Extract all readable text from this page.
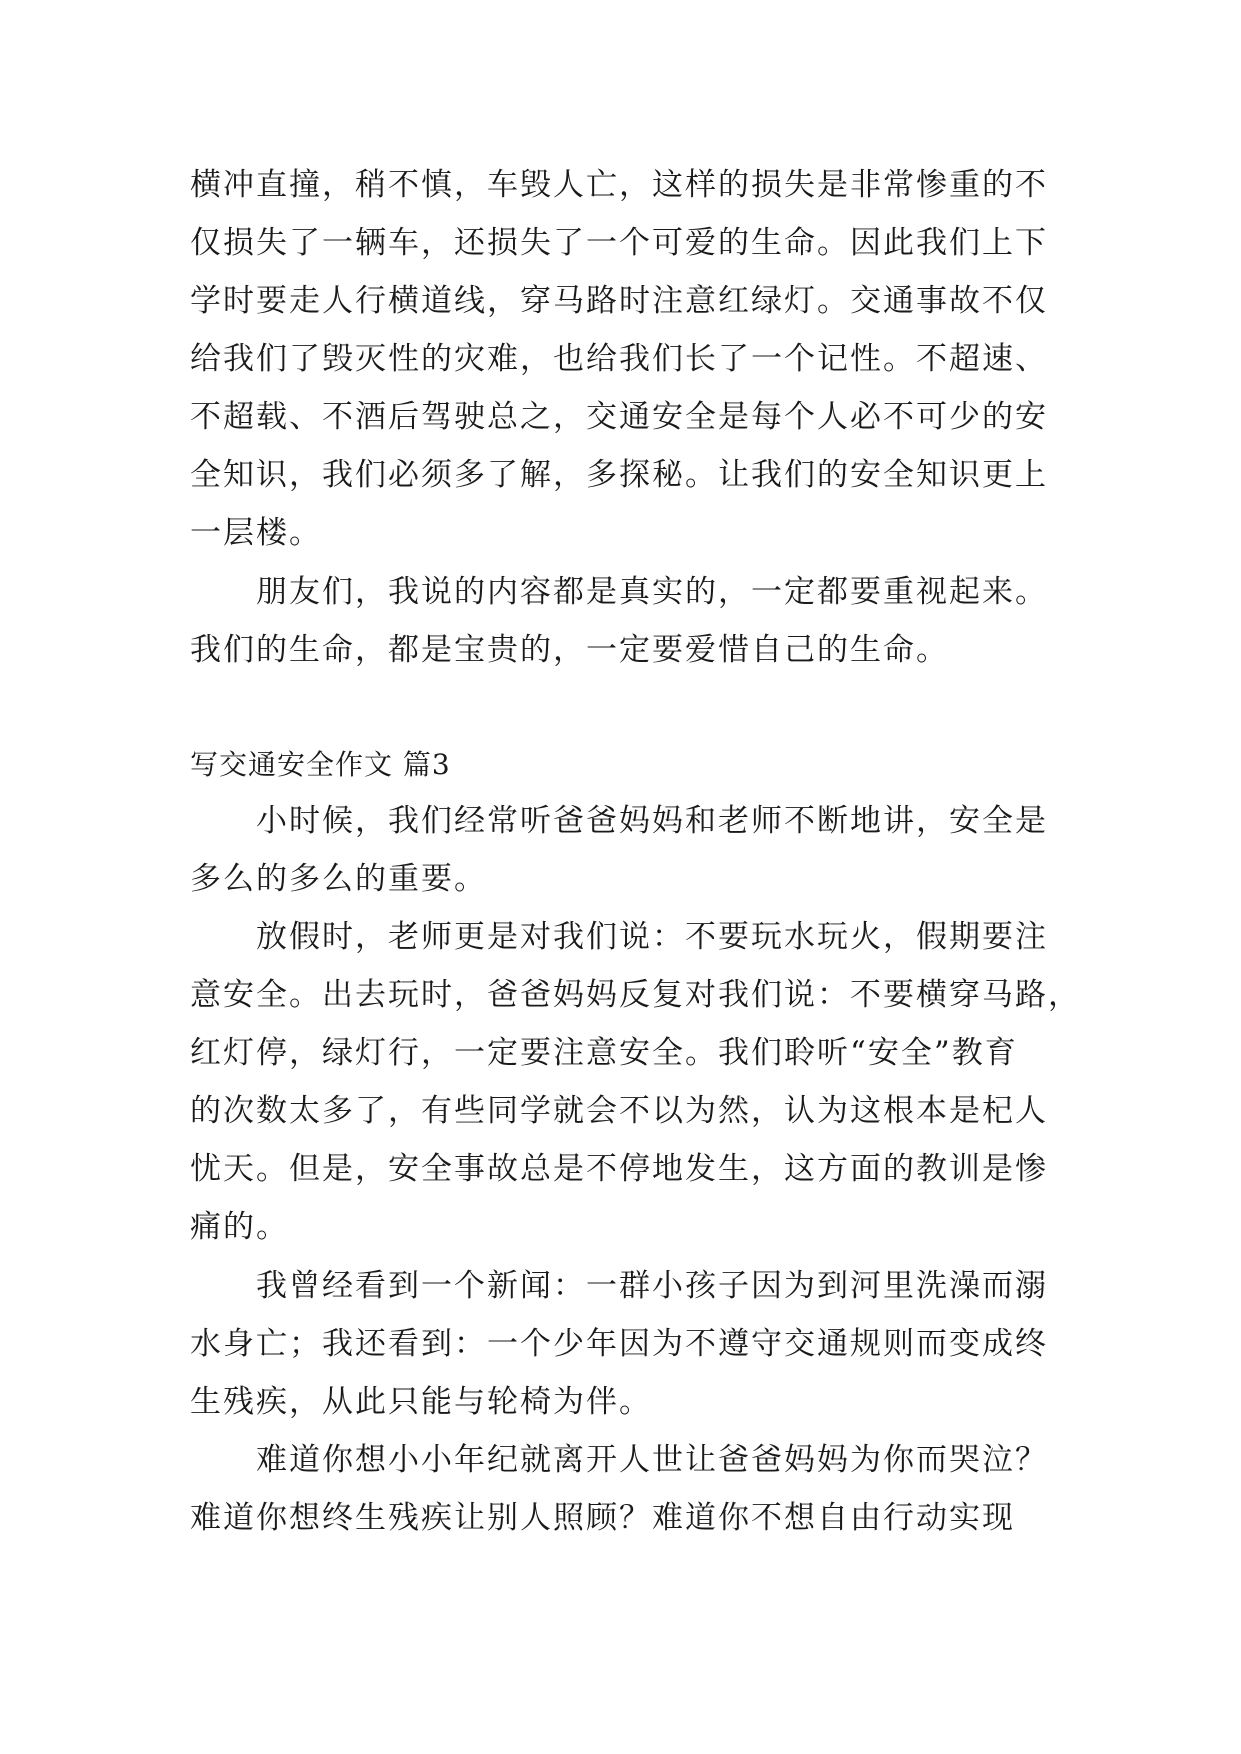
横冲直撞，稍不慎，车毁人亡，这样的损失是非常惨重的不
仅损失了一辆车，还损失了一个可爱的生命。因此我们上下
学时要走人行横道线，穿马路时注意红绿灯。交通事故不仅
给我们了毁灭性的灾难，也给我们长了一个记性。不超速、
不超载、不酒后驾驶总之，交通安全是每个人必不可少的安
全知识，我们必须多了解，多探秘。让我们的安全知识更上
一层楼。
　　朋友们，我说的内容都是真实的，一定都要重视起来。
我们的生命，都是宝贵的，一定要爱惜自己的生命。
写交通安全作文 篇3
　　小时候，我们经常听爸爸妈妈和老师不断地讲，安全是
多么的多么的重要。
　　放假时，老师更是对我们说：不要玩水玩火，假期要注
意安全。出去玩时，爸爸妈妈反复对我们说：不要横穿马路，
红灯停，绿灯行，一定要注意安全。我们聆听“安全”教育
的次数太多了，有些同学就会不以为然，认为这根本是杞人
忧天。但是，安全事故总是不停地发生，这方面的教训是惨
痛的。
　　我曾经看到一个新闻：一群小孩子因为到河里洗澡而溺
水身亡；我还看到：一个少年因为不遵守交通规则而变成终
生残疾，从此只能与轮椅为伴。
　　难道你想小小年纪就离开人世让爸爸妈妈为你而哭泣？
难道你想终生残疾让别人照顾？难道你不想自由行动实现
